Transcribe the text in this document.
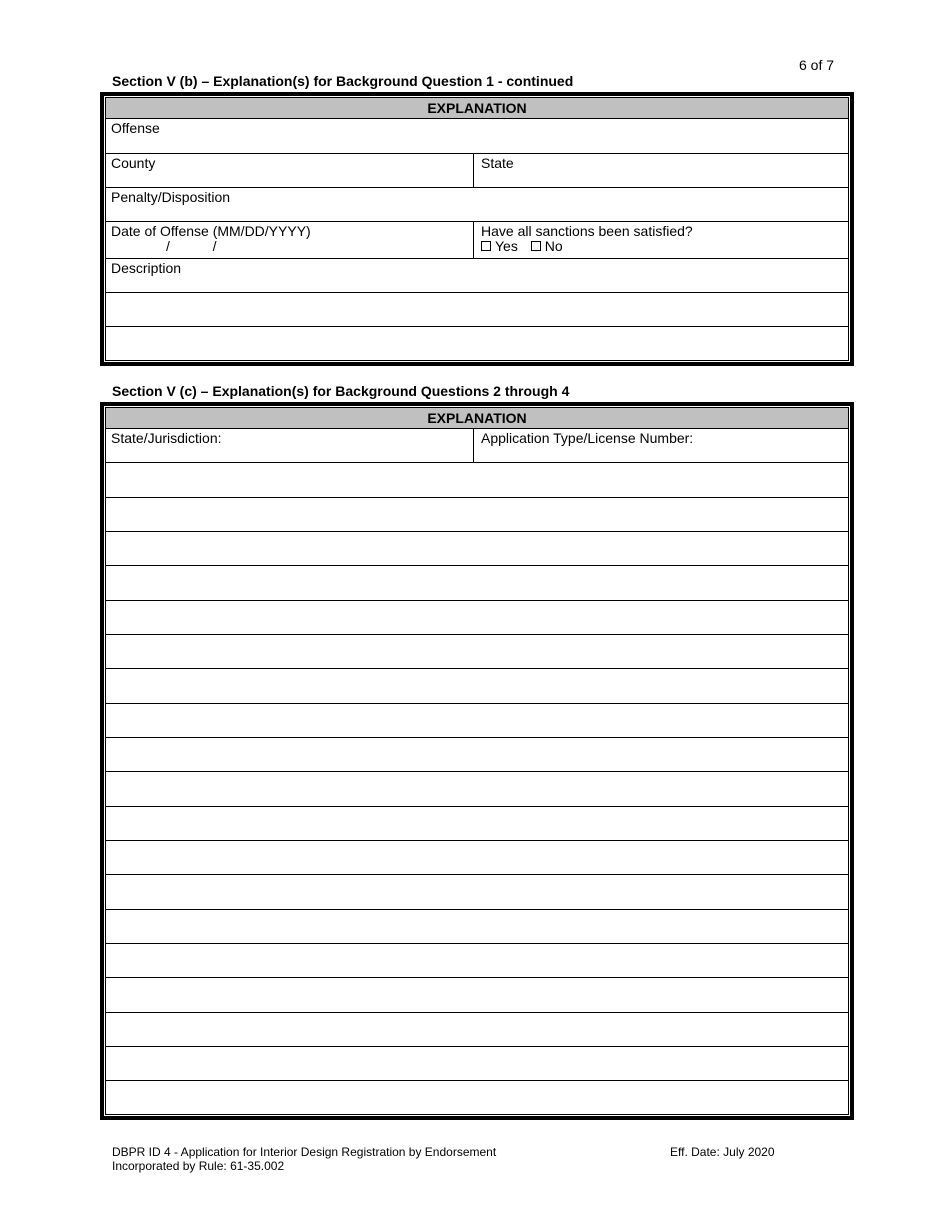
6 of 7
Section V (b) – Explanation(s) for Background Question 1 - continued
EXPLANATION
Offense
County	State
Penalty/Disposition
Date of Offense (MM/DD/YYYY)
/           /
Have all sanctions been satisfied?
Yes No
Description
Section V (c) – Explanation(s) for Background Questions 2 through 4
EXPLANATION
State/Jurisdiction:	Application Type/License Number:
DBPR ID 4 - Application for Interior Design Registration by Endorsement
Incorporated by Rule: 61-35.002
Eff. Date: July 2020
